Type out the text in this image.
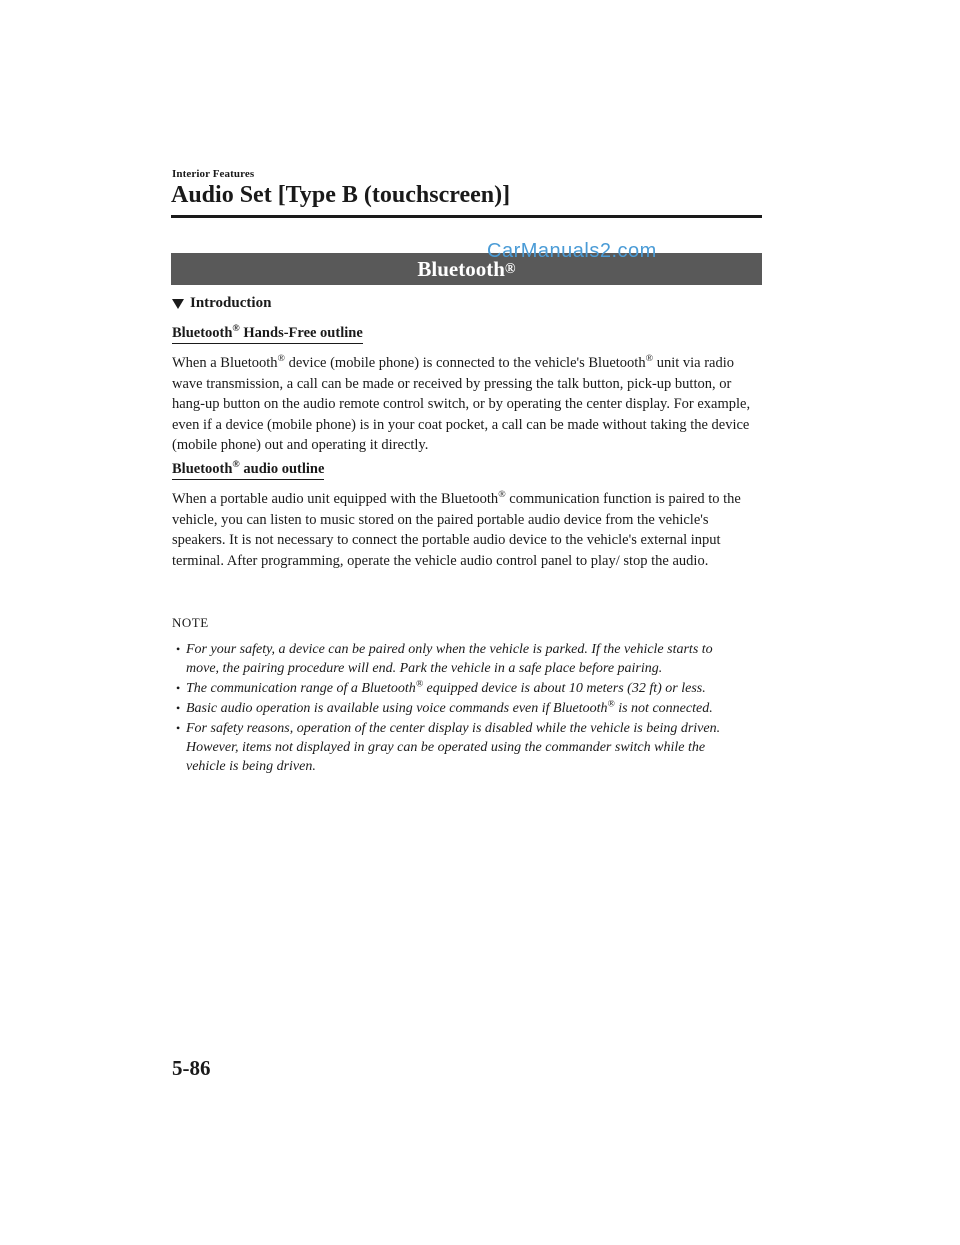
Interior Features
Audio Set [Type B (touchscreen)]
Bluetooth ®
CarManuals2.com
Introduction
Bluetooth® Hands-Free outline
When a Bluetooth® device (mobile phone) is connected to the vehicle's Bluetooth® unit via radio wave transmission, a call can be made or received by pressing the talk button, pick-up button, or hang-up button on the audio remote control switch, or by operating the center display. For example, even if a device (mobile phone) is in your coat pocket, a call can be made without taking the device (mobile phone) out and operating it directly.
Bluetooth® audio outline
When a portable audio unit equipped with the Bluetooth® communication function is paired to the vehicle, you can listen to music stored on the paired portable audio device from the vehicle's speakers. It is not necessary to connect the portable audio device to the vehicle's external input terminal. After programming, operate the vehicle audio control panel to play/ stop the audio.
NOTE
• For your safety, a device can be paired only when the vehicle is parked. If the vehicle starts to move, the pairing procedure will end. Park the vehicle in a safe place before pairing.
• The communication range of a Bluetooth® equipped device is about 10 meters (32 ft) or less.
• Basic audio operation is available using voice commands even if Bluetooth® is not connected.
• For safety reasons, operation of the center display is disabled while the vehicle is being driven. However, items not displayed in gray can be operated using the commander switch while the vehicle is being driven.
5-86
